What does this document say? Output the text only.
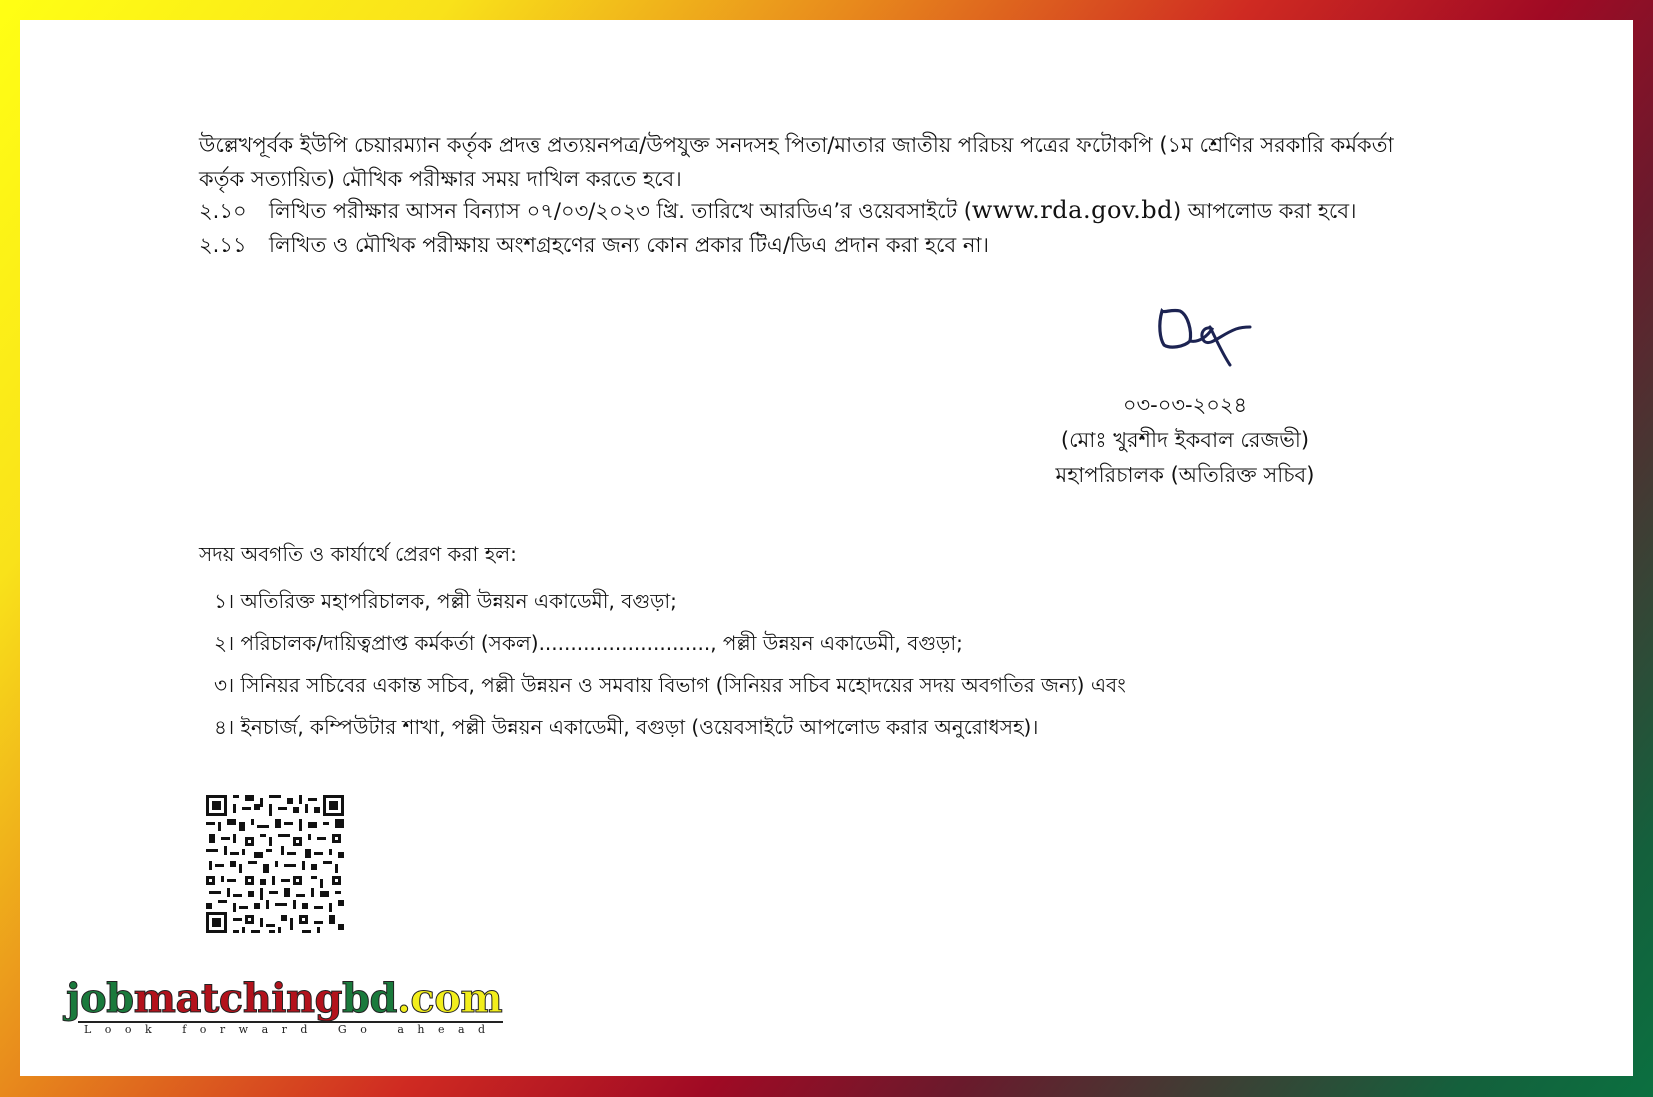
উল্লেখপূর্বক ইউপি চেয়ারম্যান কর্তৃক প্রদত্ত প্রত্যয়নপত্র/উপযুক্ত সনদসহ পিতা/মাতার জাতীয় পরিচয় পত্রের ফটোকপি (১ম শ্রেণির সরকারি কর্মকর্তা
কর্তৃক সত্যায়িত) মৌখিক পরীক্ষার সময় দাখিল করতে হবে।
২.১০ লিখিত পরীক্ষার আসন বিন্যাস ০৭/০৩/২০২৩ খ্রি. তারিখে আরডিএ’র ওয়েবসাইটে (www.rda.gov.bd) আপলোড করা হবে।
২.১১ লিখিত ও মৌখিক পরীক্ষায় অংশগ্রহণের জন্য কোন প্রকার টিএ/ডিএ প্রদান করা হবে না।
০৩-০৩-২০২৪
(মোঃ খুরশীদ ইকবাল রেজভী)
মহাপরিচালক (অতিরিক্ত সচিব)
সদয় অবগতি ও কার্যার্থে প্রেরণ করা হল:
১। অতিরিক্ত মহাপরিচালক, পল্লী উন্নয়ন একাডেমী, বগুড়া;
২। পরিচালক/দায়িত্বপ্রাপ্ত কর্মকর্তা (সকল)..........................., পল্লী উন্নয়ন একাডেমী, বগুড়া;
৩। সিনিয়র সচিবের একান্ত সচিব, পল্লী উন্নয়ন ও সমবায় বিভাগ (সিনিয়র সচিব মহোদয়ের সদয় অবগতির জন্য) এবং
৪। ইনচার্জ, কম্পিউটার শাখা, পল্লী উন্নয়ন একাডেমী, বগুড়া (ওয়েবসাইটে আপলোড করার অনুরোধসহ)।
jobmatchingbd.com
Look forward Go ahead
